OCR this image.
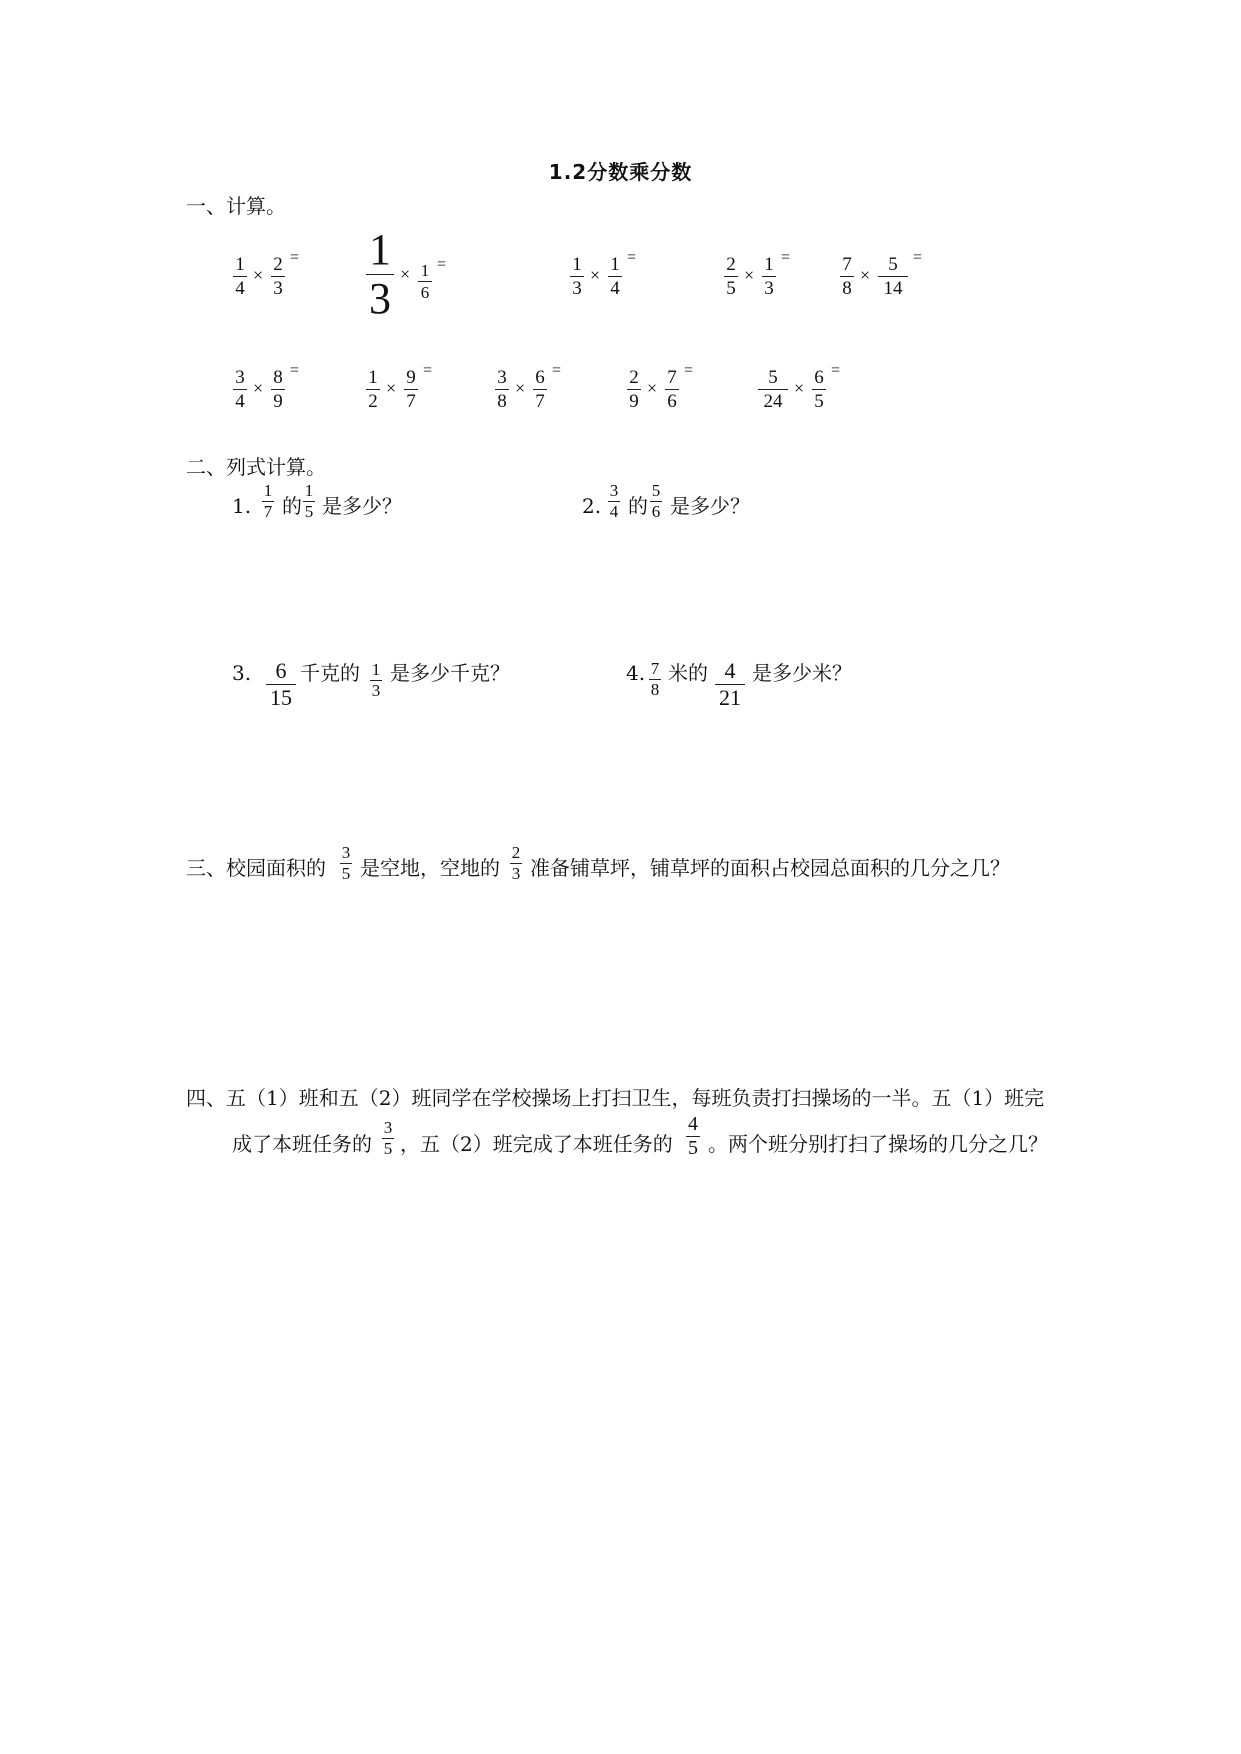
1.2分数乘分数
一、计算。
1
4
× 2
3
= 1
3 × 1
6
=	1
3
× 1
4
=	2
5
× 1
3
=	7
8
× 5
14
=
3
4
× 8
9
=	1
2
× 9
7
=	3
8
× 6
7
=	2
9
× 7
6
=	5
24
× 6
5
=
二、列式计算。
1.
1
7 的
1
5 是多少？	2.
3
4 的
5
6 是多少？
3. 6
15
千克的 1
3
是多少千克？	4. 7
8
米的 4
21
是多少米？
三、校园面积的
3
5 是空地，空地的
2
3 准备铺草坪，铺草坪的面积占校园总面积的几分之几？
四、五（1）班和五（2）班同学在学校操场上打扫卫生，每班负责打扫操场的一半。五（1）班完
成了本班任务的
3
5 ，五（2）班完成了本班任务的
4
5 。两个班分别打扫了操场的几分之几？
